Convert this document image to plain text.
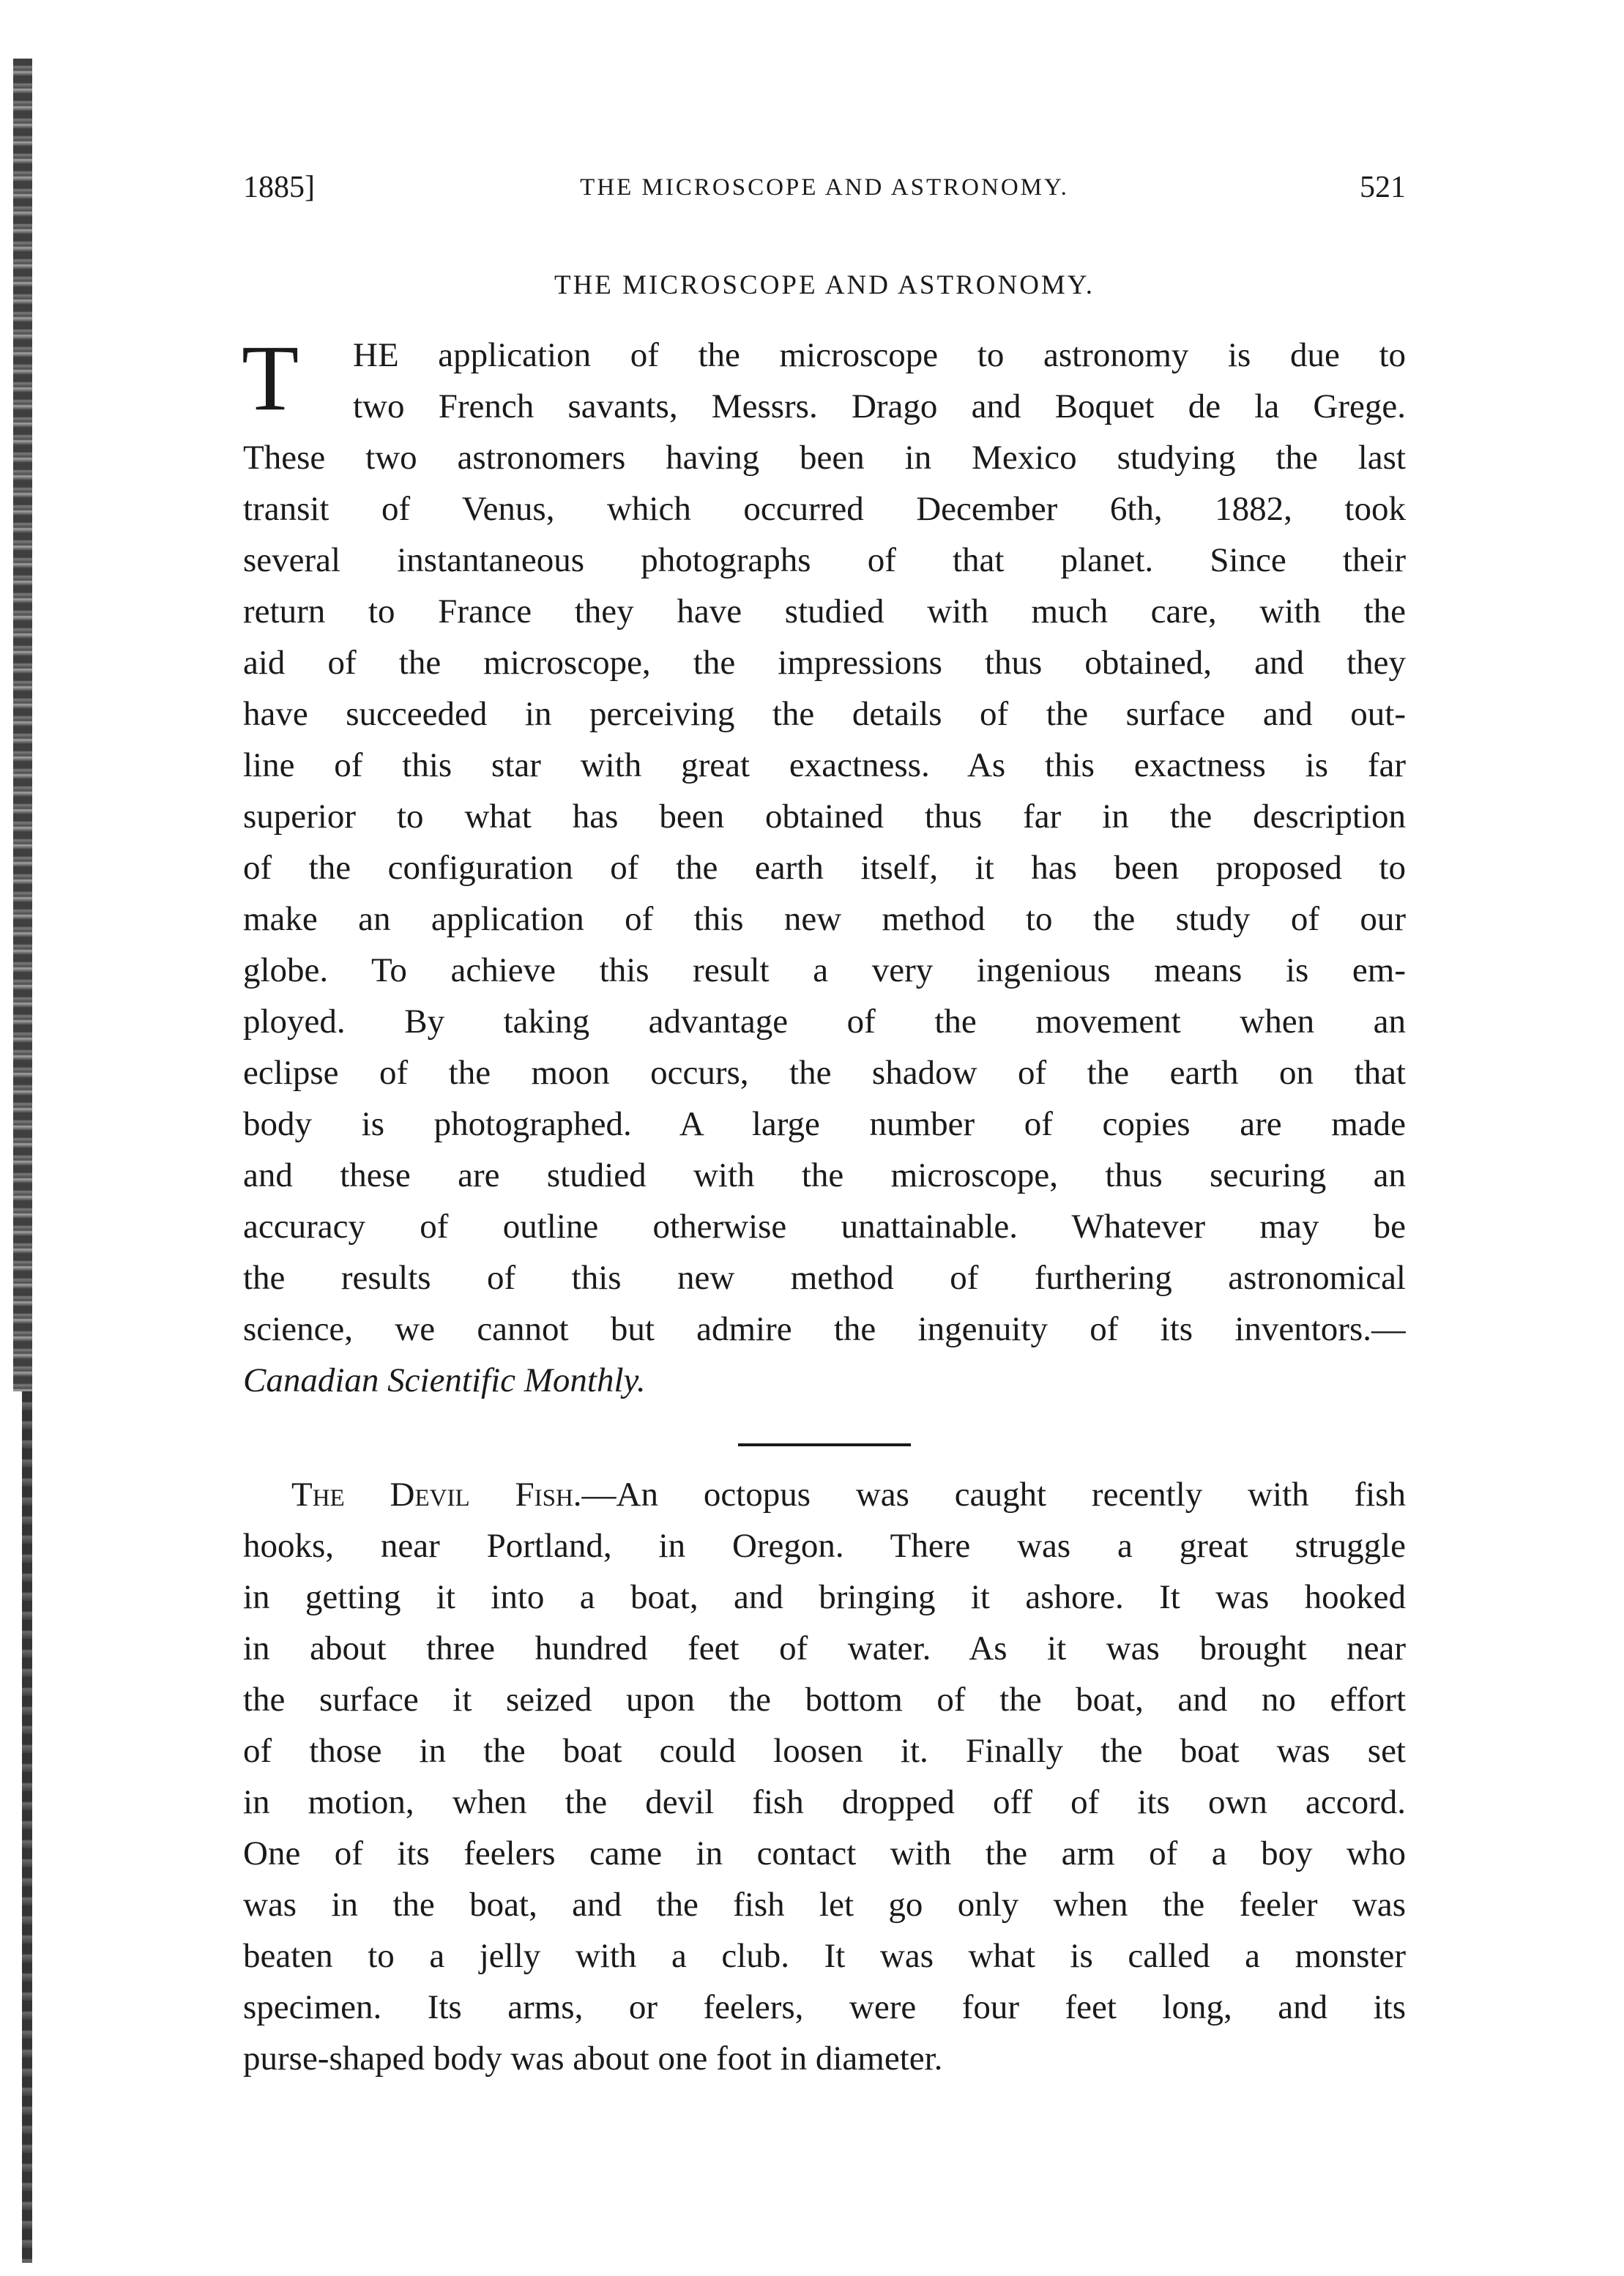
1885]	THE MICROSCOPE AND ASTRONOMY.	521
THE MICROSCOPE AND ASTRONOMY.
T	HE application of the microscope to astronomy is due to
two French savants, Messrs. Drago and Boquet de la Grege.
These two astronomers having been in Mexico studying the last
transit of Venus, which occurred December 6th, 1882, took
several instantaneous photographs of that planet. Since their
return to France they have studied with much care, with the
aid of the microscope, the impressions thus obtained, and they
have succeeded in perceiving the details of the surface and out-
line of this star with great exactness. As this exactness is far
superior to what has been obtained thus far in the description
of the configuration of the earth itself, it has been proposed to
make an application of this new method to the study of our
globe. To achieve this result a very ingenious means is em-
ployed. By taking advantage of the movement when an
eclipse of the moon occurs, the shadow of the earth on that
body is photographed. A large number of copies are made
and these are studied with the microscope, thus securing an
accuracy of outline otherwise unattainable. Whatever may be
the results of this new method of furthering astronomical
science, we cannot but admire the ingenuity of its inventors.—
Canadian Scientific Monthly.
The Devil Fish.—An octopus was caught recently with fish
hooks, near Portland, in Oregon. There was a great struggle
in getting it into a boat, and bringing it ashore. It was hooked
in about three hundred feet of water. As it was brought near
the surface it seized upon the bottom of the boat, and no effort
of those in the boat could loosen it. Finally the boat was set
in motion, when the devil fish dropped off of its own accord.
One of its feelers came in contact with the arm of a boy who
was in the boat, and the fish let go only when the feeler was
beaten to a jelly with a club. It was what is called a monster
specimen. Its arms, or feelers, were four feet long, and its
purse-shaped body was about one foot in diameter.
